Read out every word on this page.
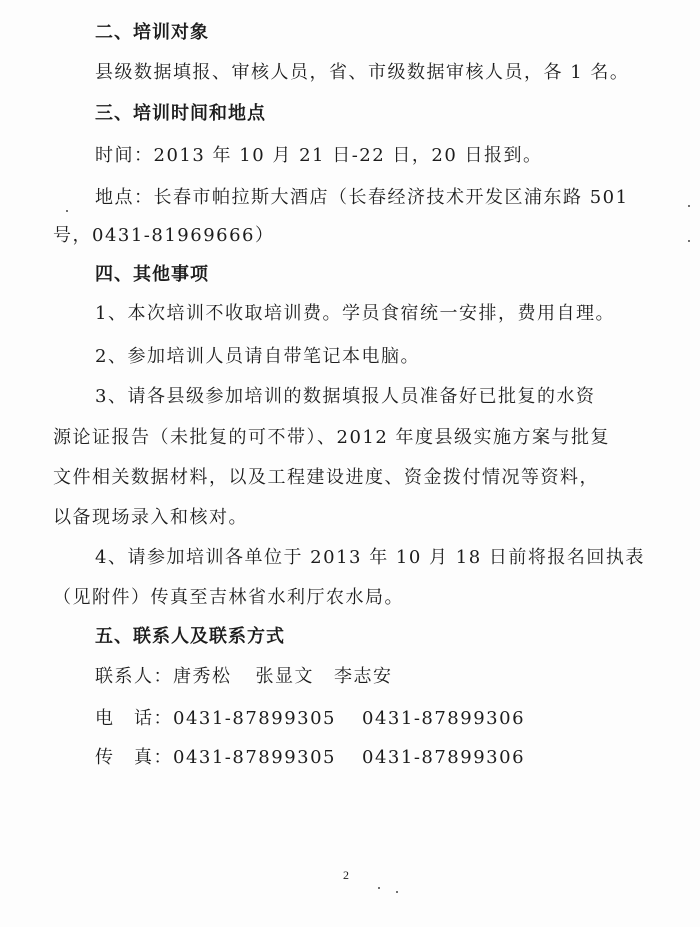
二、培训对象
县级数据填报、审核人员，省、市级数据审核人员，各 1 名。
三、培训时间和地点
时间：2013 年 10 月 21 日-22 日，20 日报到。
地点：长春市帕拉斯大酒店（长春经济技术开发区浦东路 501
号，0431-81969666）
四、其他事项
1、本次培训不收取培训费。学员食宿统一安排，费用自理。
2、参加培训人员请自带笔记本电脑。
3、请各县级参加培训的数据填报人员准备好已批复的水资
源论证报告（未批复的可不带）、2012 年度县级实施方案与批复
文件相关数据材料，以及工程建设进度、资金拨付情况等资料，
以备现场录入和核对。
4、请参加培训各单位于 2013 年 10 月 18 日前将报名回执表
（见附件）传真至吉林省水利厅农水局。
五、联系人及联系方式
联系人：唐秀松 张显文 李志安
电　话：0431-87899305 0431-87899306
传　真：0431-87899305 0431-87899306
2
